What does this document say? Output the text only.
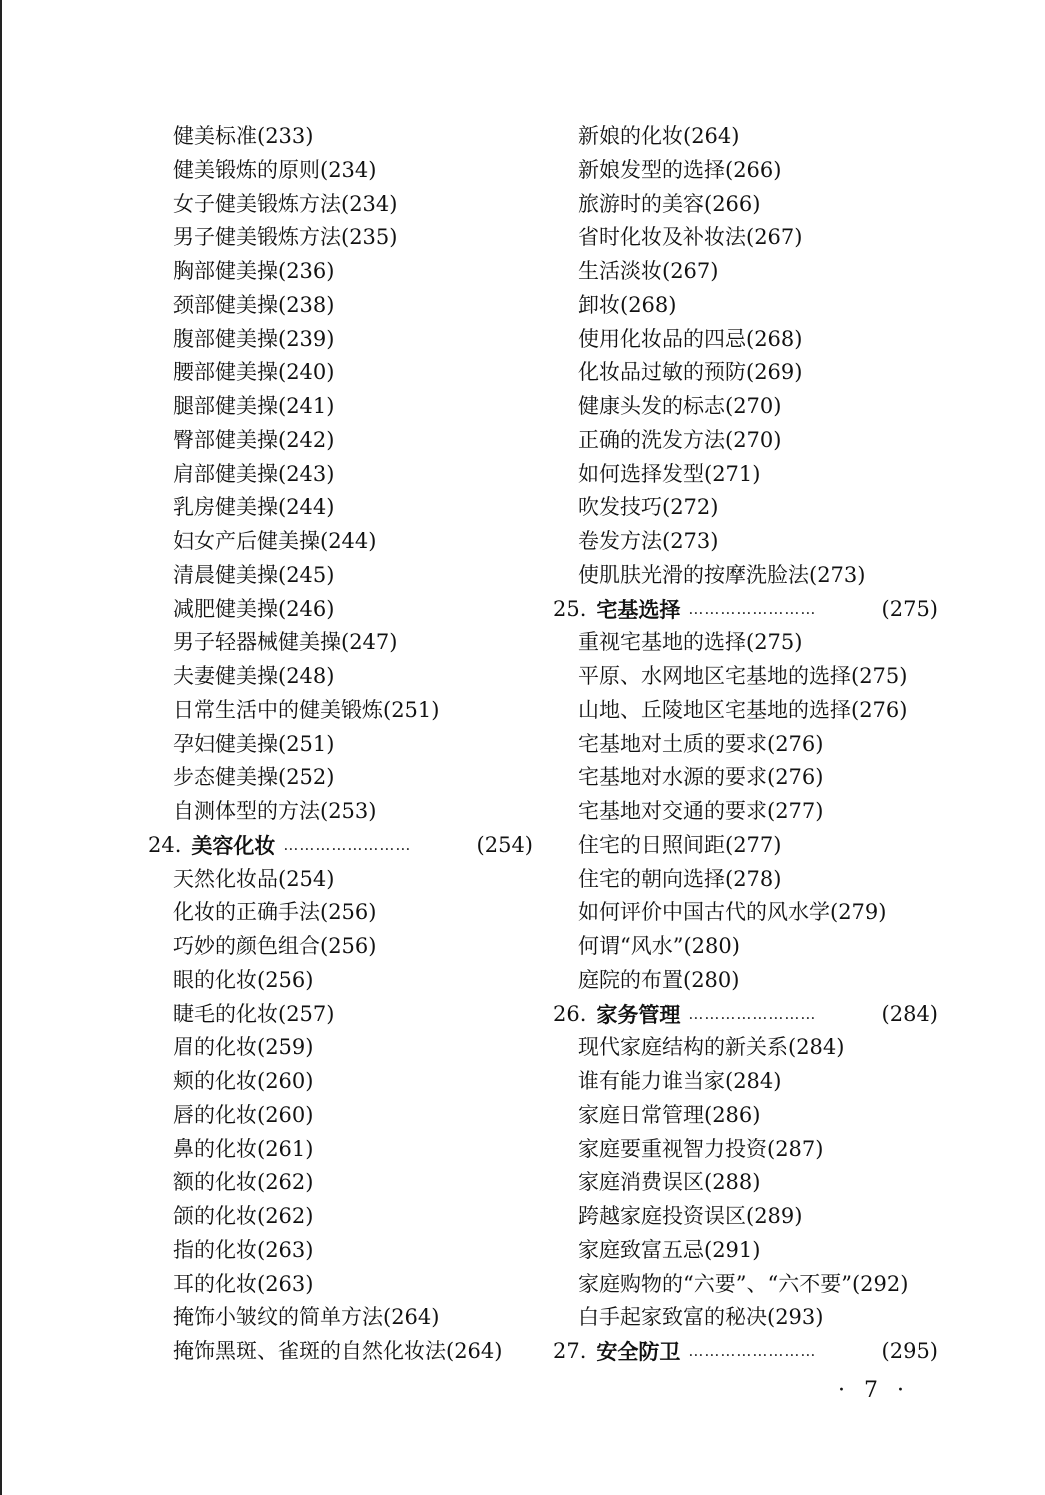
健美标准(233)
健美锻炼的原则(234)
女子健美锻炼方法(234)
男子健美锻炼方法(235)
胸部健美操(236)
颈部健美操(238)
腹部健美操(239)
腰部健美操(240)
腿部健美操(241)
臀部健美操(242)
肩部健美操(243)
乳房健美操(244)
妇女产后健美操(244)
清晨健美操(245)
减肥健美操(246)
男子轻器械健美操(247)
夫妻健美操(248)
日常生活中的健美锻炼(251)
孕妇健美操(251)
步态健美操(252)
自测体型的方法(253)
24. 美容化妆 ……………………	(254)
天然化妆品(254)
化妆的正确手法(256)
巧妙的颜色组合(256)
眼的化妆(256)
睫毛的化妆(257)
眉的化妆(259)
颊的化妆(260)
唇的化妆(260)
鼻的化妆(261)
额的化妆(262)
颌的化妆(262)
指的化妆(263)
耳的化妆(263)
掩饰小皱纹的简单方法(264)
掩饰黑斑、雀斑的自然化妆法(264)
新娘的化妆(264)
新娘发型的选择(266)
旅游时的美容(266)
省时化妆及补妆法(267)
生活淡妆(267)
卸妆(268)
使用化妆品的四忌(268)
化妆品过敏的预防(269)
健康头发的标志(270)
正确的洗发方法(270)
如何选择发型(271)
吹发技巧(272)
卷发方法(273)
使肌肤光滑的按摩洗脸法(273)
25. 宅基选择 ……………………	(275)
重视宅基地的选择(275)
平原、水网地区宅基地的选择(275)
山地、丘陵地区宅基地的选择(276)
宅基地对土质的要求(276)
宅基地对水源的要求(276)
宅基地对交通的要求(277)
住宅的日照间距(277)
住宅的朝向选择(278)
如何评价中国古代的风水学(279)
何谓“风水”(280)
庭院的布置(280)
26. 家务管理 ……………………	(284)
现代家庭结构的新关系(284)
谁有能力谁当家(284)
家庭日常管理(286)
家庭要重视智力投资(287)
家庭消费误区(288)
跨越家庭投资误区(289)
家庭致富五忌(291)
家庭购物的“六要”、“六不要”(292)
白手起家致富的秘决(293)
27. 安全防卫 ……………………	(295)
· 7 ·
